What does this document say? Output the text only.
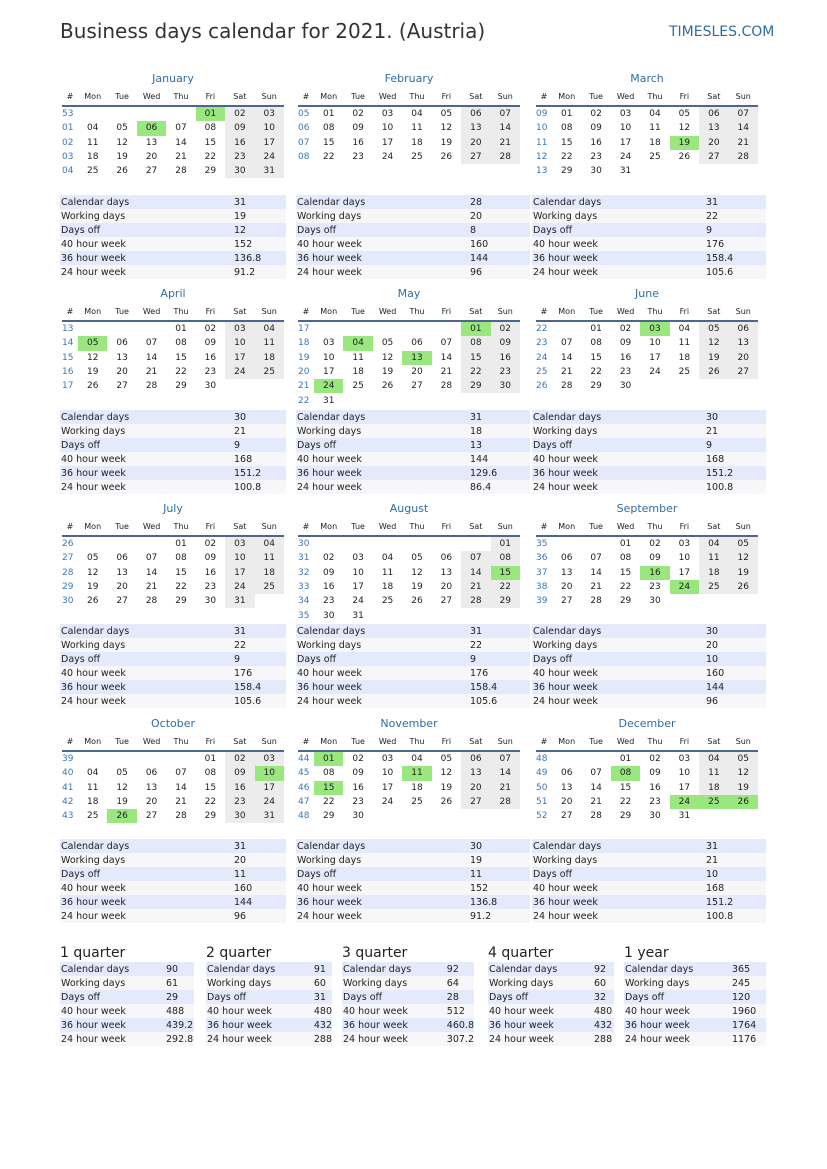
Business days calendar for 2021. (Austria)	TIMESLES.COM
January
#	Mon	Tue	Wed	Thu	Fri	Sat	Sun
53					01	02	03
01	04	05	06	07	08	09	10
02	11	12	13	14	15	16	17
03	18	19	20	21	22	23	24
04	25	26	27	28	29	30	31
Calendar days	31
Working days	19
Days off	12
40 hour week	152
36 hour week	136.8
24 hour week	91.2
February
#	Mon	Tue	Wed	Thu	Fri	Sat	Sun
05	01	02	03	04	05	06	07
06	08	09	10	11	12	13	14
07	15	16	17	18	19	20	21
08	22	23	24	25	26	27	28
Calendar days	28
Working days	20
Days off	8
40 hour week	160
36 hour week	144
24 hour week	96
March
#	Mon	Tue	Wed	Thu	Fri	Sat	Sun
09	01	02	03	04	05	06	07
10	08	09	10	11	12	13	14
11	15	16	17	18	19	20	21
12	22	23	24	25	26	27	28
13	29	30	31				
Calendar days	31
Working days	22
Days off	9
40 hour week	176
36 hour week	158.4
24 hour week	105.6
April
#	Mon	Tue	Wed	Thu	Fri	Sat	Sun
13				01	02	03	04
14	05	06	07	08	09	10	11
15	12	13	14	15	16	17	18
16	19	20	21	22	23	24	25
17	26	27	28	29	30		
Calendar days	30
Working days	21
Days off	9
40 hour week	168
36 hour week	151.2
24 hour week	100.8
May
#	Mon	Tue	Wed	Thu	Fri	Sat	Sun
17						01	02
18	03	04	05	06	07	08	09
19	10	11	12	13	14	15	16
20	17	18	19	20	21	22	23
21	24	25	26	27	28	29	30
22	31						
Calendar days	31
Working days	18
Days off	13
40 hour week	144
36 hour week	129.6
24 hour week	86.4
June
#	Mon	Tue	Wed	Thu	Fri	Sat	Sun
22		01	02	03	04	05	06
23	07	08	09	10	11	12	13
24	14	15	16	17	18	19	20
25	21	22	23	24	25	26	27
26	28	29	30				
Calendar days	30
Working days	21
Days off	9
40 hour week	168
36 hour week	151.2
24 hour week	100.8
July
#	Mon	Tue	Wed	Thu	Fri	Sat	Sun
26				01	02	03	04
27	05	06	07	08	09	10	11
28	12	13	14	15	16	17	18
29	19	20	21	22	23	24	25
30	26	27	28	29	30	31	
Calendar days	31
Working days	22
Days off	9
40 hour week	176
36 hour week	158.4
24 hour week	105.6
August
#	Mon	Tue	Wed	Thu	Fri	Sat	Sun
30							01
31	02	03	04	05	06	07	08
32	09	10	11	12	13	14	15
33	16	17	18	19	20	21	22
34	23	24	25	26	27	28	29
35	30	31					
Calendar days	31
Working days	22
Days off	9
40 hour week	176
36 hour week	158.4
24 hour week	105.6
September
#	Mon	Tue	Wed	Thu	Fri	Sat	Sun
35			01	02	03	04	05
36	06	07	08	09	10	11	12
37	13	14	15	16	17	18	19
38	20	21	22	23	24	25	26
39	27	28	29	30			
Calendar days	30
Working days	20
Days off	10
40 hour week	160
36 hour week	144
24 hour week	96
October
#	Mon	Tue	Wed	Thu	Fri	Sat	Sun
39					01	02	03
40	04	05	06	07	08	09	10
41	11	12	13	14	15	16	17
42	18	19	20	21	22	23	24
43	25	26	27	28	29	30	31
Calendar days	31
Working days	20
Days off	11
40 hour week	160
36 hour week	144
24 hour week	96
November
#	Mon	Tue	Wed	Thu	Fri	Sat	Sun
44	01	02	03	04	05	06	07
45	08	09	10	11	12	13	14
46	15	16	17	18	19	20	21
47	22	23	24	25	26	27	28
48	29	30					
Calendar days	30
Working days	19
Days off	11
40 hour week	152
36 hour week	136.8
24 hour week	91.2
December
#	Mon	Tue	Wed	Thu	Fri	Sat	Sun
48			01	02	03	04	05
49	06	07	08	09	10	11	12
50	13	14	15	16	17	18	19
51	20	21	22	23	24	25	26
52	27	28	29	30	31		
Calendar days	31
Working days	21
Days off	10
40 hour week	168
36 hour week	151.2
24 hour week	100.8
1 quarter
Calendar days	90
Working days	61
Days off	29
40 hour week	488
36 hour week	439.2
24 hour week	292.8
2 quarter
Calendar days	91
Working days	60
Days off	31
40 hour week	480
36 hour week	432
24 hour week	288
3 quarter
Calendar days	92
Working days	64
Days off	28
40 hour week	512
36 hour week	460.8
24 hour week	307.2
4 quarter
Calendar days	92
Working days	60
Days off	32
40 hour week	480
36 hour week	432
24 hour week	288
1 year
Calendar days	365
Working days	245
Days off	120
40 hour week	1960
36 hour week	1764
24 hour week	1176
